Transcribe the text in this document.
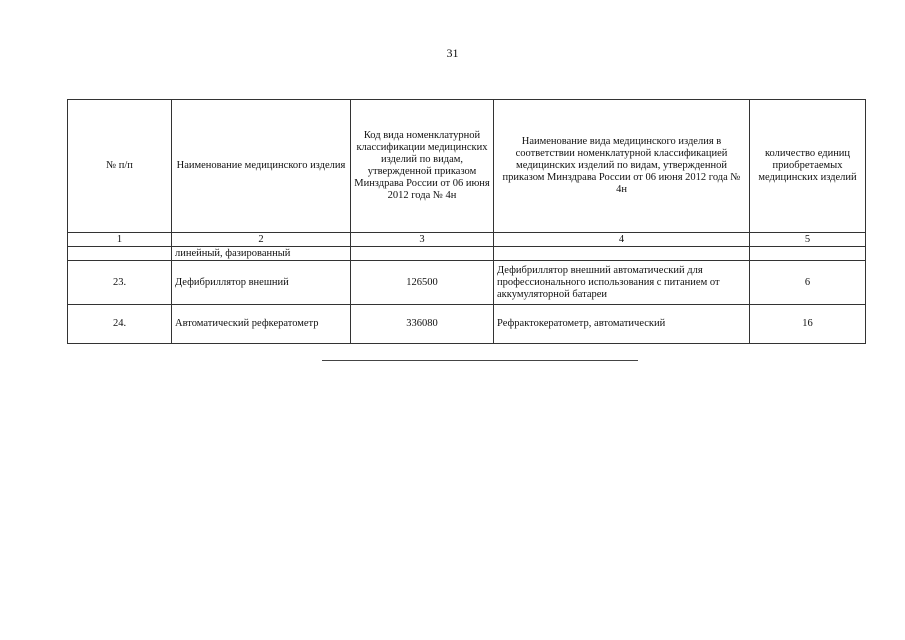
31
№ п/п	Наименование медицинского изделия	Код вида номенклатурной классификации медицинских изделий по видам, утвержденной приказом Минздрава России от 06 июня 2012 года № 4н	Наименование вида медицинского изделия в соответствии номенклатурной классификацией медицинских изделий по видам, утвержденной приказом Минздрава России от 06 июня 2012 года № 4н	количество единиц приобретаемых медицинских изделий
1	2	3	4	5
	линейный, фазированный			
23.	Дефибриллятор внешний	126500	Дефибриллятор внешний автоматический для профессионального использования с питанием от аккумуляторной батареи	6
24.	Автоматический рефкератометр	336080	Рефрактокератометр, автоматический	16
